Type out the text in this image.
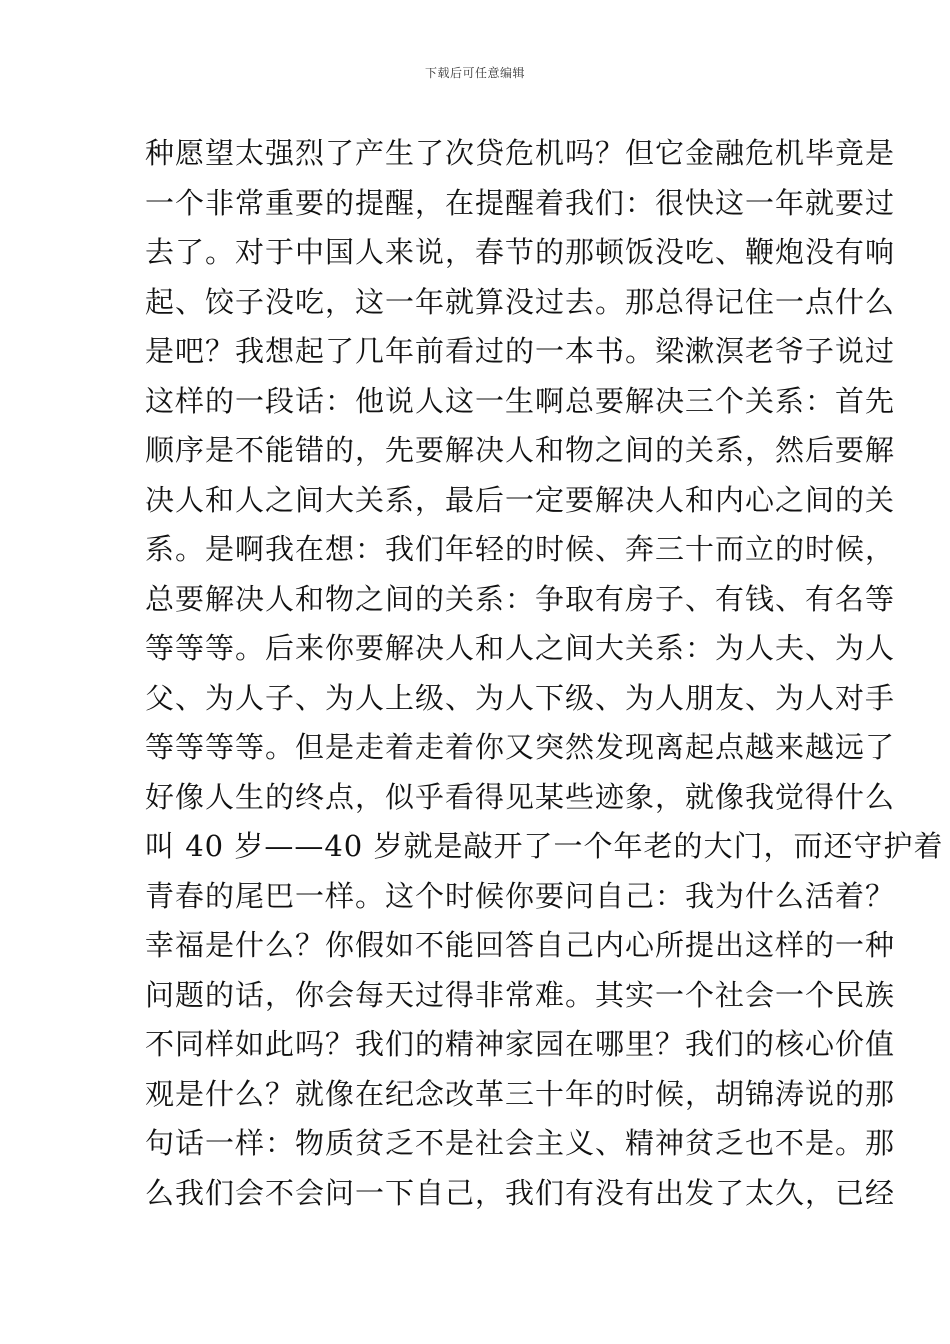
下载后可任意编辑
种愿望太强烈了产生了次贷危机吗？但它金融危机毕竟是
一个非常重要的提醒，在提醒着我们：很快这一年就要过
去了。对于中国人来说，春节的那顿饭没吃、鞭炮没有响
起、饺子没吃，这一年就算没过去。那总得记住一点什么
是吧？我想起了几年前看过的一本书。梁漱溟老爷子说过
这样的一段话：他说人这一生啊总要解决三个关系：首先
顺序是不能错的，先要解决人和物之间的关系，然后要解
决人和人之间大关系，最后一定要解决人和内心之间的关
系。是啊我在想：我们年轻的时候、奔三十而立的时候，
总要解决人和物之间的关系：争取有房子、有钱、有名等
等等等。后来你要解决人和人之间大关系：为人夫、为人
父、为人子、为人上级、为人下级、为人朋友、为人对手
等等等等。但是走着走着你又突然发现离起点越来越远了
好像人生的终点，似乎看得见某些迹象，就像我觉得什么
叫 40 岁——40 岁就是敲开了一个年老的大门，而还守护着
青春的尾巴一样。这个时候你要问自己：我为什么活着？
幸福是什么？你假如不能回答自己内心所提出这样的一种
问题的话，你会每天过得非常难。其实一个社会一个民族
不同样如此吗？我们的精神家园在哪里？我们的核心价值
观是什么？就像在纪念改革三十年的时候，胡锦涛说的那
句话一样：物质贫乏不是社会主义、精神贫乏也不是。那
么我们会不会问一下自己，我们有没有出发了太久，已经
